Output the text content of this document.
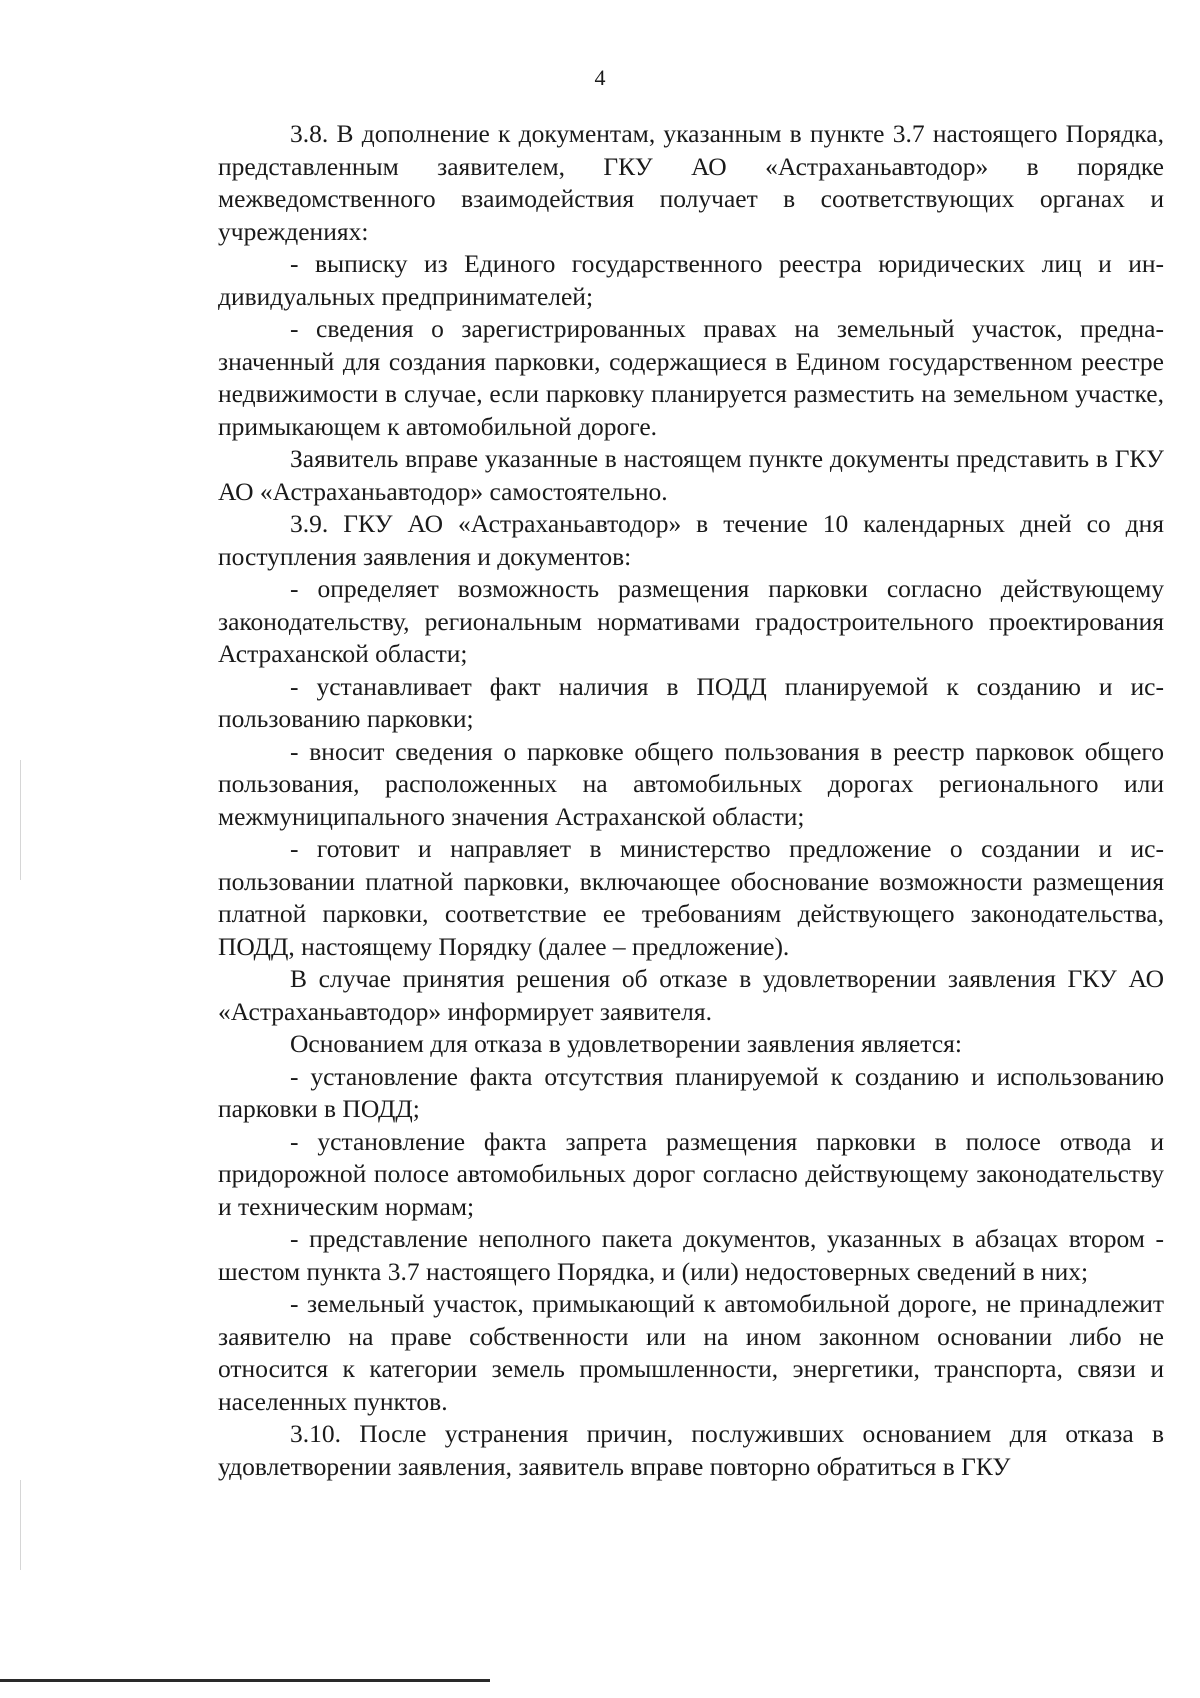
4

3.8. В дополнение к документам, указанным в пункте 3.7 настоящего Порядка, представленным заявителем, ГКУ АО «Астраханьавтодор» в порядке межведомственного взаимодействия получает в соответствующих органах и учреждениях:

- выписку из Единого государственного реестра юридических лиц и индивидуальных предпринимателей;

- сведения о зарегистрированных правах на земельный участок, предназначенный для создания парковки, содержащиеся в Едином государственном реестре недвижимости в случае, если парковку планируется разместить на земельном участке, примыкающем к автомобильной дороге.

Заявитель вправе указанные в настоящем пункте документы представить в ГКУ АО «Астраханьавтодор» самостоятельно.

3.9. ГКУ АО «Астраханьавтодор» в течение 10 календарных дней со дня поступления заявления и документов:

- определяет возможность размещения парковки согласно действующему законодательству, региональным нормативами градостроительного проектирования Астраханской области;

- устанавливает факт наличия в ПОДД планируемой к созданию и использованию парковки;

- вносит сведения о парковке общего пользования в реестр парковок общего пользования, расположенных на автомобильных дорогах регионального или межмуниципального значения Астраханской области;

- готовит и направляет в министерство предложение о создании и использовании платной парковки, включающее обоснование возможности размещения платной парковки, соответствие ее требованиям действующего законодательства, ПОДД, настоящему Порядку (далее – предложение).

В случае принятия решения об отказе в удовлетворении заявления ГКУ АО «Астраханьавтодор» информирует заявителя.

Основанием для отказа в удовлетворении заявления является:

- установление факта отсутствия планируемой к созданию и использованию парковки в ПОДД;

- установление факта запрета размещения парковки в полосе отвода и придорожной полосе автомобильных дорог согласно действующему законодательству и техническим нормам;

- представление неполного пакета документов, указанных в абзацах втором - шестом пункта 3.7 настоящего Порядка, и (или) недостоверных сведений в них;

- земельный участок, примыкающий к автомобильной дороге, не принадлежит заявителю на праве собственности или на ином законном основании либо не относится к категории земель промышленности, энергетики, транспорта, связи и населенных пунктов.

3.10. После устранения причин, послуживших основанием для отказа в удовлетворении заявления, заявитель вправе повторно обратиться в ГКУ
